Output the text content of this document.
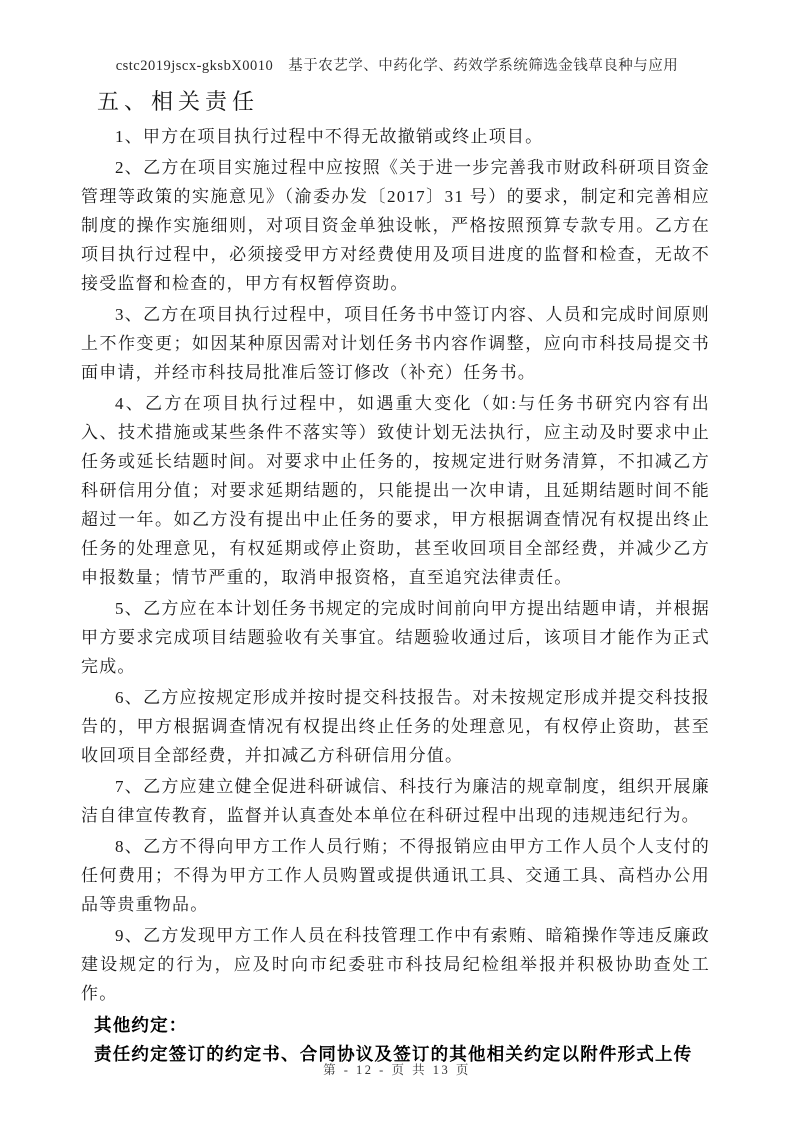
cstc2019jscx-gksbX0010　基于农艺学、中药化学、药效学系统筛选金钱草良种与应用
五、相关责任

1、甲方在项目执行过程中不得无故撤销或终止项目。

2、乙方在项目实施过程中应按照《关于进一步完善我市财政科研项目资金管理等政策的实施意见》（渝委办发〔2017〕31 号）的要求，制定和完善相应制度的操作实施细则，对项目资金单独设帐，严格按照预算专款专用。乙方在项目执行过程中，必须接受甲方对经费使用及项目进度的监督和检查，无故不接受监督和检查的，甲方有权暂停资助。

3、乙方在项目执行过程中，项目任务书中签订内容、人员和完成时间原则上不作变更；如因某种原因需对计划任务书内容作调整，应向市科技局提交书面申请，并经市科技局批准后签订修改（补充）任务书。

4、乙方在项目执行过程中，如遇重大变化（如:与任务书研究内容有出入、技术措施或某些条件不落实等）致使计划无法执行，应主动及时要求中止任务或延长结题时间。对要求中止任务的，按规定进行财务清算，不扣减乙方科研信用分值；对要求延期结题的，只能提出一次申请，且延期结题时间不能超过一年。如乙方没有提出中止任务的要求，甲方根据调查情况有权提出终止任务的处理意见，有权延期或停止资助，甚至收回项目全部经费，并减少乙方申报数量；情节严重的，取消申报资格，直至追究法律责任。

5、乙方应在本计划任务书规定的完成时间前向甲方提出结题申请，并根据甲方要求完成项目结题验收有关事宜。结题验收通过后，该项目才能作为正式完成。

6、乙方应按规定形成并按时提交科技报告。对未按规定形成并提交科技报告的，甲方根据调查情况有权提出终止任务的处理意见，有权停止资助，甚至收回项目全部经费，并扣减乙方科研信用分值。

7、乙方应建立健全促进科研诚信、科技行为廉洁的规章制度，组织开展廉洁自律宣传教育，监督并认真查处本单位在科研过程中出现的违规违纪行为。

8、乙方不得向甲方工作人员行贿；不得报销应由甲方工作人员个人支付的任何费用；不得为甲方工作人员购置或提供通讯工具、交通工具、高档办公用品等贵重物品。

9、乙方发现甲方工作人员在科技管理工作中有索贿、暗箱操作等违反廉政建设规定的行为，应及时向市纪委驻市科技局纪检组举报并积极协助查处工作。

其他约定：

责任约定签订的约定书、合同协议及签订的其他相关约定以附件形式上传

第 - 12 - 页 共 13 页
